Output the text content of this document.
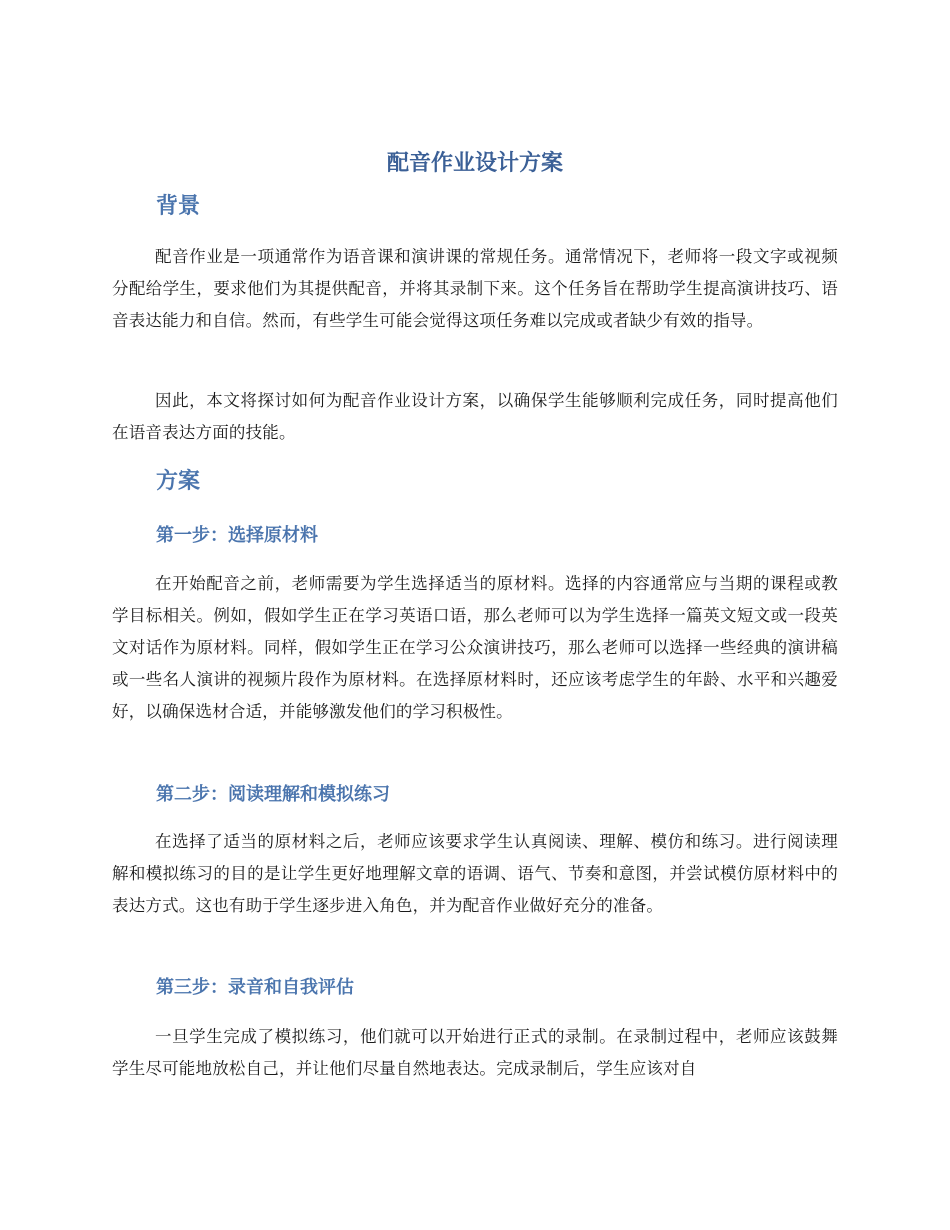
配音作业设计方案
背景

配音作业是一项通常作为语音课和演讲课的常规任务。通常情况下，老师将一段文字或视频分配给学生，要求他们为其提供配音，并将其录制下来。这个任务旨在帮助学生提高演讲技巧、语音表达能力和自信。然而，有些学生可能会觉得这项任务难以完成或者缺少有效的指导。

因此，本文将探讨如何为配音作业设计方案，以确保学生能够顺利完成任务，同时提高他们在语音表达方面的技能。

方案
第一步：选择原材料

在开始配音之前，老师需要为学生选择适当的原材料。选择的内容通常应与当期的课程或教学目标相关。例如，假如学生正在学习英语口语，那么老师可以为学生选择一篇英文短文或一段英文对话作为原材料。同样，假如学生正在学习公众演讲技巧，那么老师可以选择一些经典的演讲稿或一些名人演讲的视频片段作为原材料。在选择原材料时，还应该考虑学生的年龄、水平和兴趣爱好，以确保选材合适，并能够激发他们的学习积极性。

第二步：阅读理解和模拟练习

在选择了适当的原材料之后，老师应该要求学生认真阅读、理解、模仿和练习。进行阅读理解和模拟练习的目的是让学生更好地理解文章的语调、语气、节奏和意图，并尝试模仿原材料中的表达方式。这也有助于学生逐步进入角色，并为配音作业做好充分的准备。

第三步：录音和自我评估

一旦学生完成了模拟练习，他们就可以开始进行正式的录制。在录制过程中，老师应该鼓舞学生尽可能地放松自己，并让他们尽量自然地表达。完成录制后，学生应该对自
